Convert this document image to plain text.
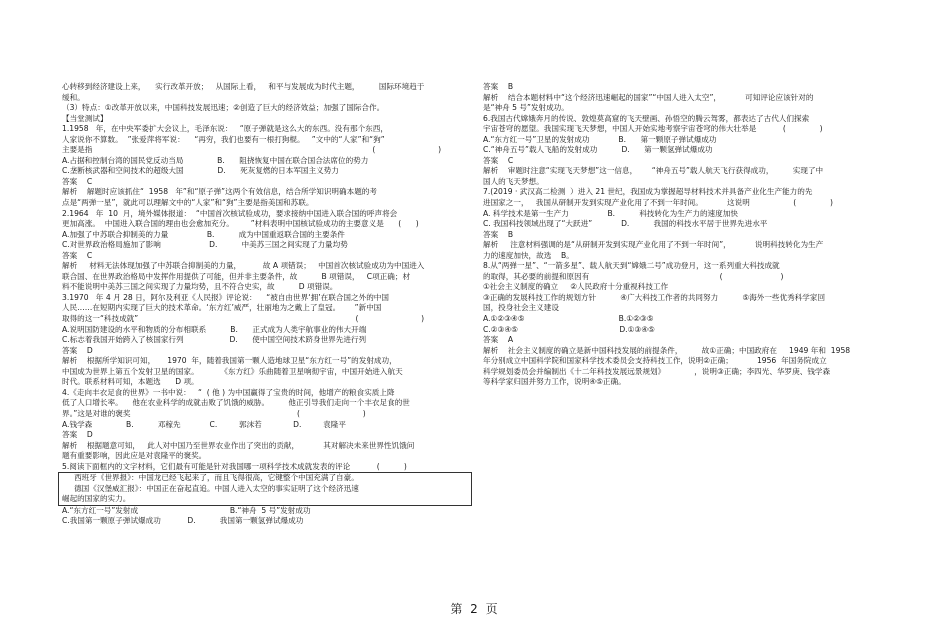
心转移到经济建设上来，    实行改革开放；   从国际上看，   和平与发展成为时代主题，        国际环境趋于
缓和。
（3）特点：①改革开放以来，中国科技发展迅速；②创造了巨大的经济效益；加强了国际合作。
【当堂测试】
1.1958   年，在中央军委扩大会议上，毛泽东说：   “原子弹就是这么大的东西。没有那个东西，
人家说你不算数。  ”张爱萍将军说：    “再穷，我们也要有一根打狗棍。   ”文中的“人家”和“狗”
主要是指                                                                                                                    (                          )
A.占据和控制台湾的国民党反动当局              B.      阻挠恢复中国在联合国合法席位的势力
C.垄断核武器和空间技术的超级大国              D.      死灰复燃的日本军国主义势力
答案    C
解析    解题时应该抓住“  1958   年”和“原子弹”这两个有效信息，结合所学知识明确本题的考
点是“两弹一星”，就此可以理解文中的“人家”和“狗”主要是指美国和苏联。
2.1964   年  10  月，境外媒体报道：  “中国首次核试验成功，要求接纳中国进入联合国的呼声将会
更加高涨。  中国进入联合国的理由也会愈加充分。       ”材料表明中国核试验成功的主要意义是      (      )
A.加强了中苏联合抑制美的力量                B.          成为中国重返联合国的主要条件
C.对世界政治格局施加了影响                    D.          中美苏三国之间实现了力量均势
答案    C
解析     材料无法体现加强了中苏联合抑制美的力量，         故 A 项错误；   中国首次核试验成功为中国进入
联合国、在世界政治格局中发挥作用提供了可能，但并非主要条件，故          B 项错误，   C项正确；材
料不能说明中美苏三国之间实现了力量均势，且不符合史实，故          D 项错误。
3.1970   年 4 月 28 日，阿尔及利亚《人民报》评论说：    “被自由世界‘拥’在联合国之外的中国
人民……在短期内实现了巨大的技术革命。‘东方红’威严，壮丽地为之戴上了皇冠。      ”新中国
取得的这一“科技成就”                                                                                          (                          )
A.说明国防建设的水平和物质的分布相联系          B.      正式成为人类宇航事业的伟大开端
C.标志着我国开始跨入了核国家行列                   D.      使中国空间技术跻身世界先进行列
答案    D
解析    根据所学知识可知，     1970  年，随着我国第一颗人造地球卫星“东方红一号”的发射成功，
中国成为世界上第五个发射卫星的国家。         《东方红》乐曲随着卫星响彻宇宙，中国开始进入航天
时代。联系材料可知，本题选      D 项。
4.《走向丰衣足食的世界》一书中说：   “  ( 他 ) 为中国赢得了宝贵的时间，他增产的粮食实质上降
低了人口增长率。    他在农业科学的成就击败了饥饿的威胁。        他正引导我们走向一个丰衣足食的世
界。”这是对谁的褒奖                                                                     (                          )
A.钱学森              B.          邓稼先            C.         郭沫若             D.         袁隆平
答案    D
解析    根据题意可知，   此人对中国乃至世界农业作出了突出的贡献，          其对解决未来世界性饥饿问
题有重要影响，因此应是对袁隆平的褒奖。
5.阅读下面框内的文字材料，它们最有可能是针对我国哪一项科学技术成就发表的评论           (          )
西班牙《世界报》：中国龙已经飞起来了，而且飞得很高，它键整个中国充满了自豪。
德国《汉堡威汇报》：中国正在奋起直追。中国人进入太空的事实证明了这个经济迅速
崛起的国家的实力。
A.“东方红一号”发射成                                      B.“神舟  5 号”发射成功
C.我国第一颗原子弹试爆成功           D.          我国第一颗氢弹试爆成功
答案    B
解析    结合本题材料中“这个经济迅速崛起的国家”“中国人进入太空”，          可知评论应该针对的
是“神舟 5 号”发射成功。
6.我国古代嫦娥奔月的传说、敦煌莫高窟的飞天壁画、孙悟空的腾云驾雾，都表达了古代人们探索
宇宙苍穹的愿望。我国实现飞天梦想，中国人开始实地考察宇宙苍穹的伟大壮举是           (              )
A.“东方红一号”卫星的发射成功            B.      第一颗原子弹试爆成功
C.“神舟五号”载人飞船的发射成功          D.      第一颗氢弹试爆成功
答案    C
解析    审题时注意“实现飞天梦想”这一信息，      “神舟五号”载人航天飞行获得成功，        实现了中
国人的飞天梦想。
7.(2019 · 武汉高二检测  ）进入 21 世纪，我国成为掌握超导材料技术并具备产业化生产能力的先
进国家之一，   我国从研制开发到实现产业化用了不到一年时间。          这说明                  (              )
A. 科学技术是第一生产力                B.          科技转化为生产力的速度加快
C. 我国科技领域出现了“大跃进”            D.          我国的科技水平居于世界先进水平
答案    B
解析     注意材料强调的是“从研制开发到实现产业化用了不到一年时间”，          说明科技转化为生产
力的速度加快，故选    B。
8.从“两弹一星”、“一箭多星”、载人航天到“嫦娥二号”成功登月，这一系列重大科技成就
的取得，其必要的前提和原因有                                                      (                        )
①社会主义制度的确立     ②人民政府十分重视科技工作
③正确的发展科技工作的规划方针          ④广大科技工作者的共同努力          ⑤海外一些优秀科学家回
国，投身社会主义建设
A.①②③④⑤                                       B.①②③⑤
C.②③④⑤                                          D.①③④⑤
答案    A
解析    社会主义制度的确立是新中国科技发展的前提条件，        故①正确；中国政府在     1949 年和  1958
年分别成立中国科学院和国家科学技术委员会支持科技工作，说明②正确；          1956  年国务院成立
科学规划委员会并编制出《十二年科技发展远景规划》            ，说明③正确；李四光、华罗庚、钱学森
等科学家归国并努力工作，说明④⑤正确。
第 2 页
